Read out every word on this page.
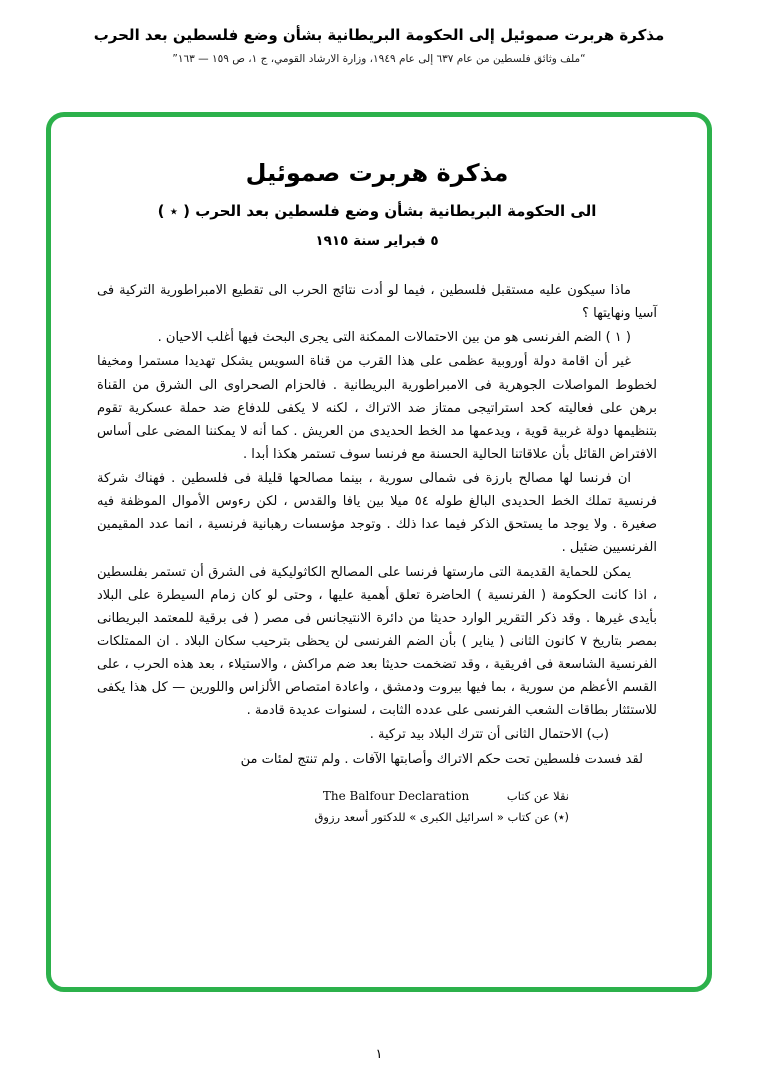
مذكرة هربرت صموئيل إلى الحكومة البريطانية بشأن وضع فلسطين بعد الحرب
“ملف وثائق فلسطين من عام ٦٣٧ إلى عام ١٩٤٩، وزارة الارشاد القومي، ج ١، ص ١٥٩ — ١٦٣”
مذكرة هربرت صموئيل
الى الحكومة البريطانية بشأن وضع فلسطين بعد الحرب ( ٭ )
٥ فبراير سنة ١٩١٥

ماذا سيكون عليه مستقبل فلسطين ، فيما لو أدت نتائج الحرب الى تقطيع الامبراطورية التركية فى آسيا ونهايتها ؟

( ١ ) الضم الفرنسى هو من بين الاحتمالات الممكنة التى يجرى البحث فيها أغلب الاحيان .

غير أن اقامة دولة أوروبية عظمى على هذا القرب من قناة السويس يشكل تهديدا مستمرا ومخيفا لخطوط المواصلات الجوهرية فى الامبراطورية البريطانية . فالحزام الصحراوى الى الشرق من القناة برهن على فعاليته كحد استراتيجى ممتاز ضد الاتراك ، لكنه لا يكفى للدفاع ضد حملة عسكرية تقوم بتنظيمها دولة غربية قوية ، ويدعمها مد الخط الحديدى من العريش . كما أنه لا يمكننا المضى على أساس الافتراض القائل بأن علاقاتنا الحالية الحسنة مع فرنسا سوف تستمر هكذا أبدا .

ان فرنسا لها مصالح بارزة فى شمالى سورية ، بينما مصالحها قليلة فى فلسطين . فهناك شركة فرنسية تملك الخط الحديدى البالغ طوله ٥٤ ميلا بين يافا والقدس ، لكن رءوس الأموال الموظفة فيه صغيرة . ولا يوجد ما يستحق الذكر فيما عدا ذلك . وتوجد مؤسسات رهبانية فرنسية ، انما عدد المقيمين الفرنسيين ضئيل .

يمكن للحماية القديمة التى مارستها فرنسا على المصالح الكاثوليكية فى الشرق أن تستمر بفلسطين ، اذا كانت الحكومة ( الفرنسية ) الحاضرة تعلق أهمية عليها ، وحتى لو كان زمام السيطرة على البلاد بأيدى غيرها . وقد ذكر التقرير الوارد حديثا من دائرة الانتيجانس فى مصر ( فى برقية للمعتمد البريطانى بمصر بتاريخ ٧ كانون الثانى ( يناير ) بأن الضم الفرنسى لن يحظى بترحيب سكان البلاد . ان الممتلكات الفرنسية الشاسعة فى افريقية ، وقد تضخمت حديثا بعد ضم مراكش ، والاستيلاء ، بعد هذه الحرب ، على القسم الأعظم من سورية ، بما فيها بيروت ودمشق ، واعادة امتصاص الألزاس واللورين — كل هذا يكفى للاستئثار بطاقات الشعب الفرنسى على عدده الثابت ، لسنوات عديدة قادمة .

(ب) الاحتمال الثانى أن تترك البلاد بيد تركية .

لقد فسدت فلسطين تحت حكم الاتراك وأصابتها الآفات . ولم تنتج لمئات من

نقلا عن كتاب The Balfour Declaration
(٭) عن كتاب « اسرائيل الكبرى » للدكتور أسعد رزوق
١
